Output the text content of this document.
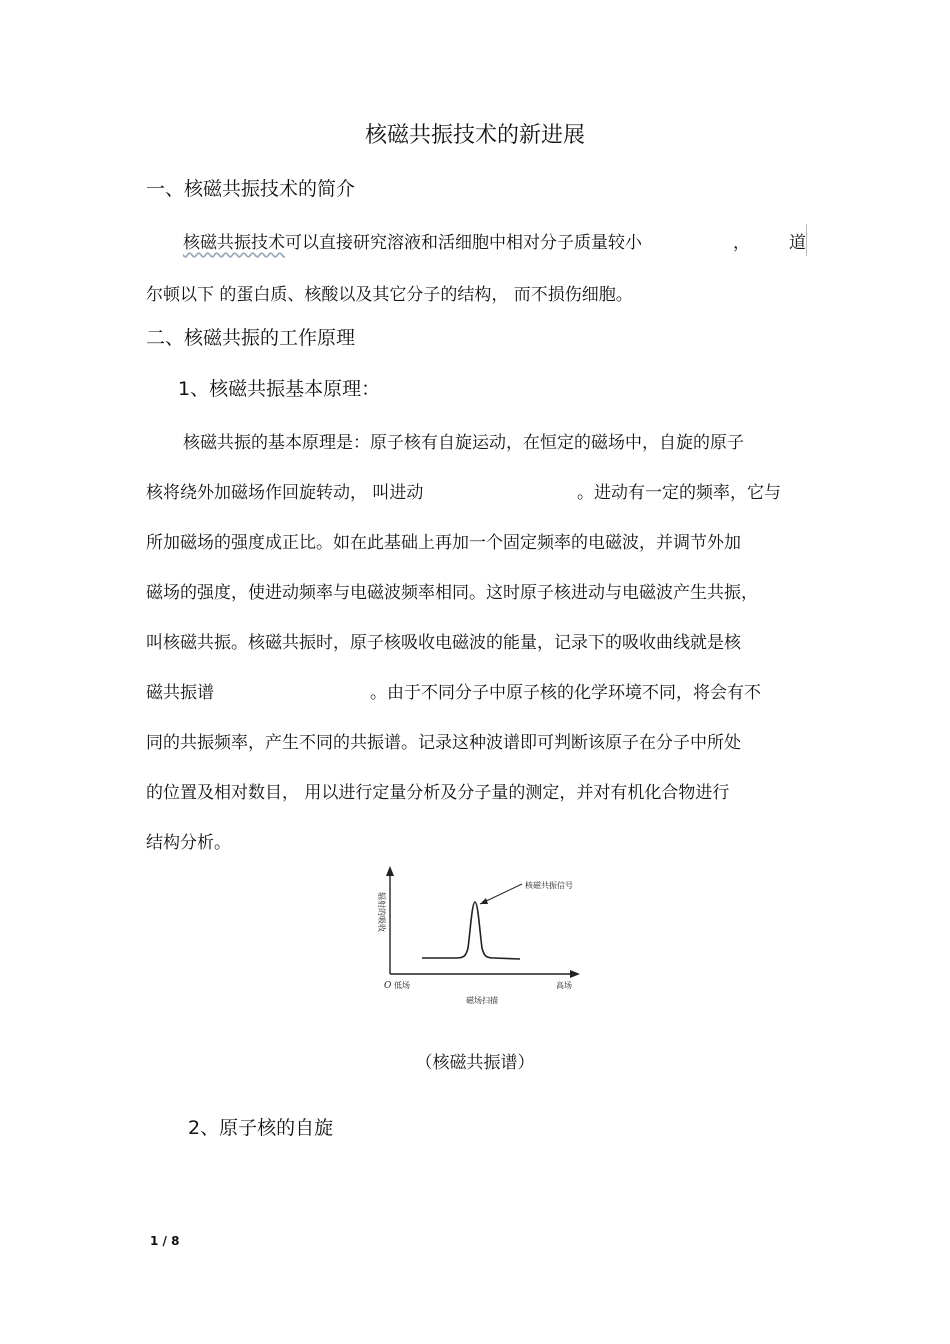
核磁共振技术的新进展
一、核磁共振技术的简介
核磁共振技术可以直接研究溶液和活细胞中相对分子质量较小	， 道
尔顿以下 的蛋白质、核酸以及其它分子的结构， 而不损伤细胞。
二、核磁共振的工作原理
1、核磁共振基本原理：
核磁共振的基本原理是：原子核有自旋运动，在恒定的磁场中，自旋的原子
核将绕外加磁场作回旋转动， 叫进动	。进动有一定的频率，它与
所加磁场的强度成正比。如在此基础上再加一个固定频率的电磁波，并调节外加
磁场的强度，使进动频率与电磁波频率相同。这时原子核进动与电磁波产生共振，
叫核磁共振。核磁共振时，原子核吸收电磁波的能量，记录下的吸收曲线就是核
磁共振谱	。由于不同分子中原子核的化学环境不同，将会有不
同的共振频率，产生不同的共振谱。记录这种波谱即可判断该原子在分子中所处
的位置及相对数目， 用以进行定量分析及分子量的测定，并对有机化合物进行
结构分析。
核磁共振信号
辐射的吸收
O 低场	高场
磁场扫描
（核磁共振谱）
2、原子核的自旋
1 / 8
